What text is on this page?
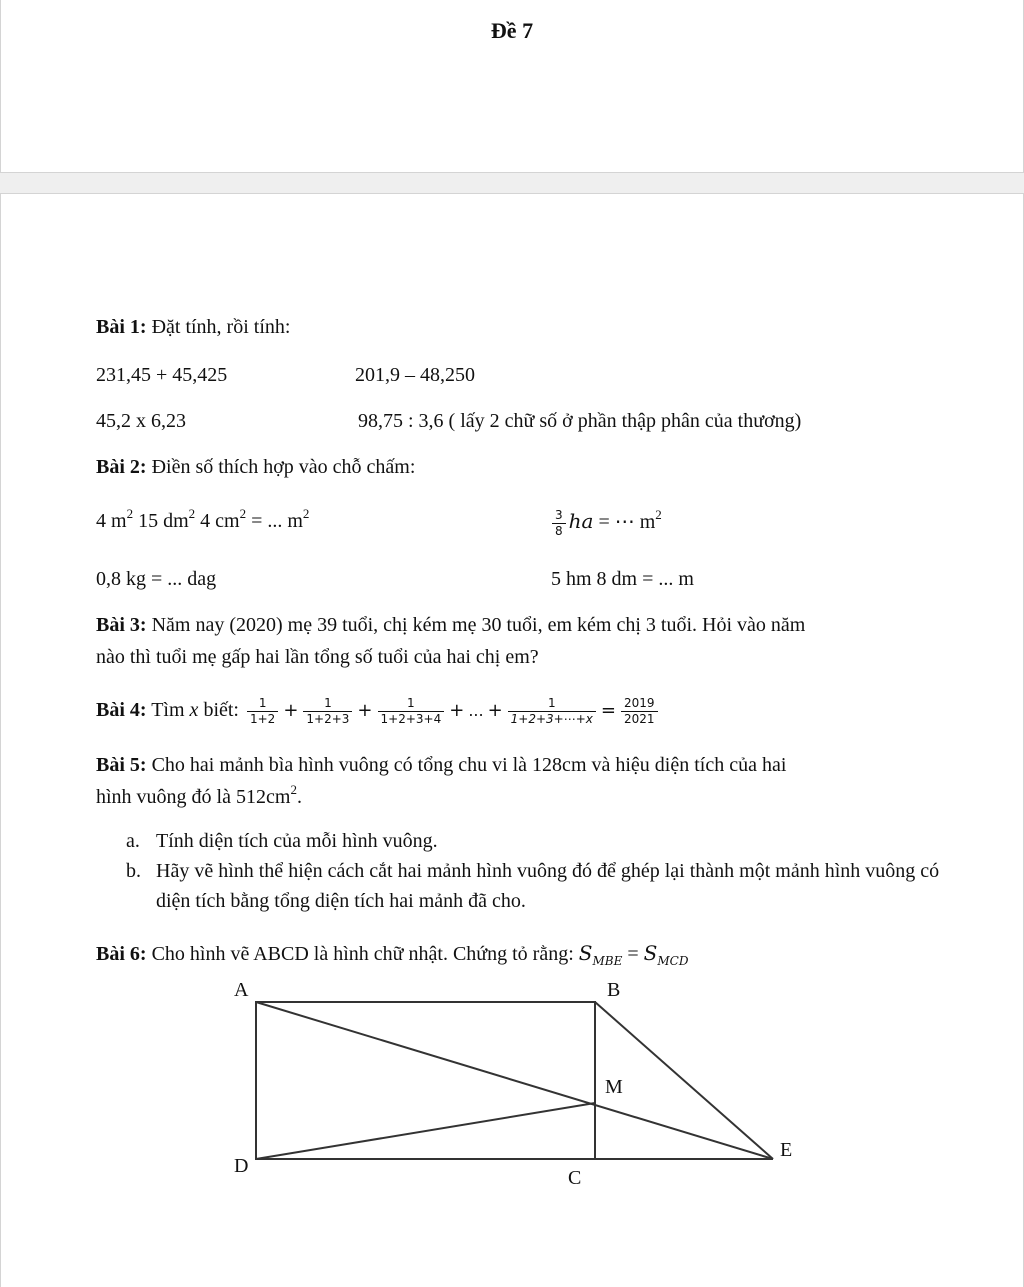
Đề 7
Bài 1: Đặt tính, rồi tính:
231,45 + 45,425	201,9 – 48,250
45,2 x 6,23	98,75 : 3,6 ( lấy 2 chữ số ở phần thập phân của thương)
Bài 2: Điền số thích hợp vào chỗ chấm:
4 $m^2$ 15 $dm^2$ 4 $cm^2$ = ... $m^2$	$\frac{3}{8}$ ha = ⋯ $m^2$
0,8 kg = ... dag	5 hm 8 dm = ... m
Bài 3: Năm nay (2020) mẹ 39 tuổi, chị kém mẹ 30 tuổi, em kém chị 3 tuổi. Hỏi vào năm
nào thì tuổi mẹ gấp hai lần tổng số tuổi của hai chị em?
Bài 4: Tìm x biết: $\frac{1}{1+2} + \frac{1}{1+2+3} + \frac{1}{1+2+3+4}$ + ... + $\frac{1}{1+2+3+\cdots+x} = \frac{2019}{2021}$
Bài 5: Cho hai mảnh bìa hình vuông có tổng chu vi là 128cm và hiệu diện tích của hai
hình vuông đó là $512cm^2$.
a. Tính diện tích của mỗi hình vuông.
b. Hãy vẽ hình thể hiện cách cắt hai mảnh hình vuông đó để ghép lại thành một mảnh hình vuông có diện tích bằng tổng diện tích hai mảnh đã cho.
Bài 6: Cho hình vẽ ABCD là hình chữ nhật. Chứng tỏ rằng: $S_{MBE} = S_{MCD}$
A	B
C
D
M
E
